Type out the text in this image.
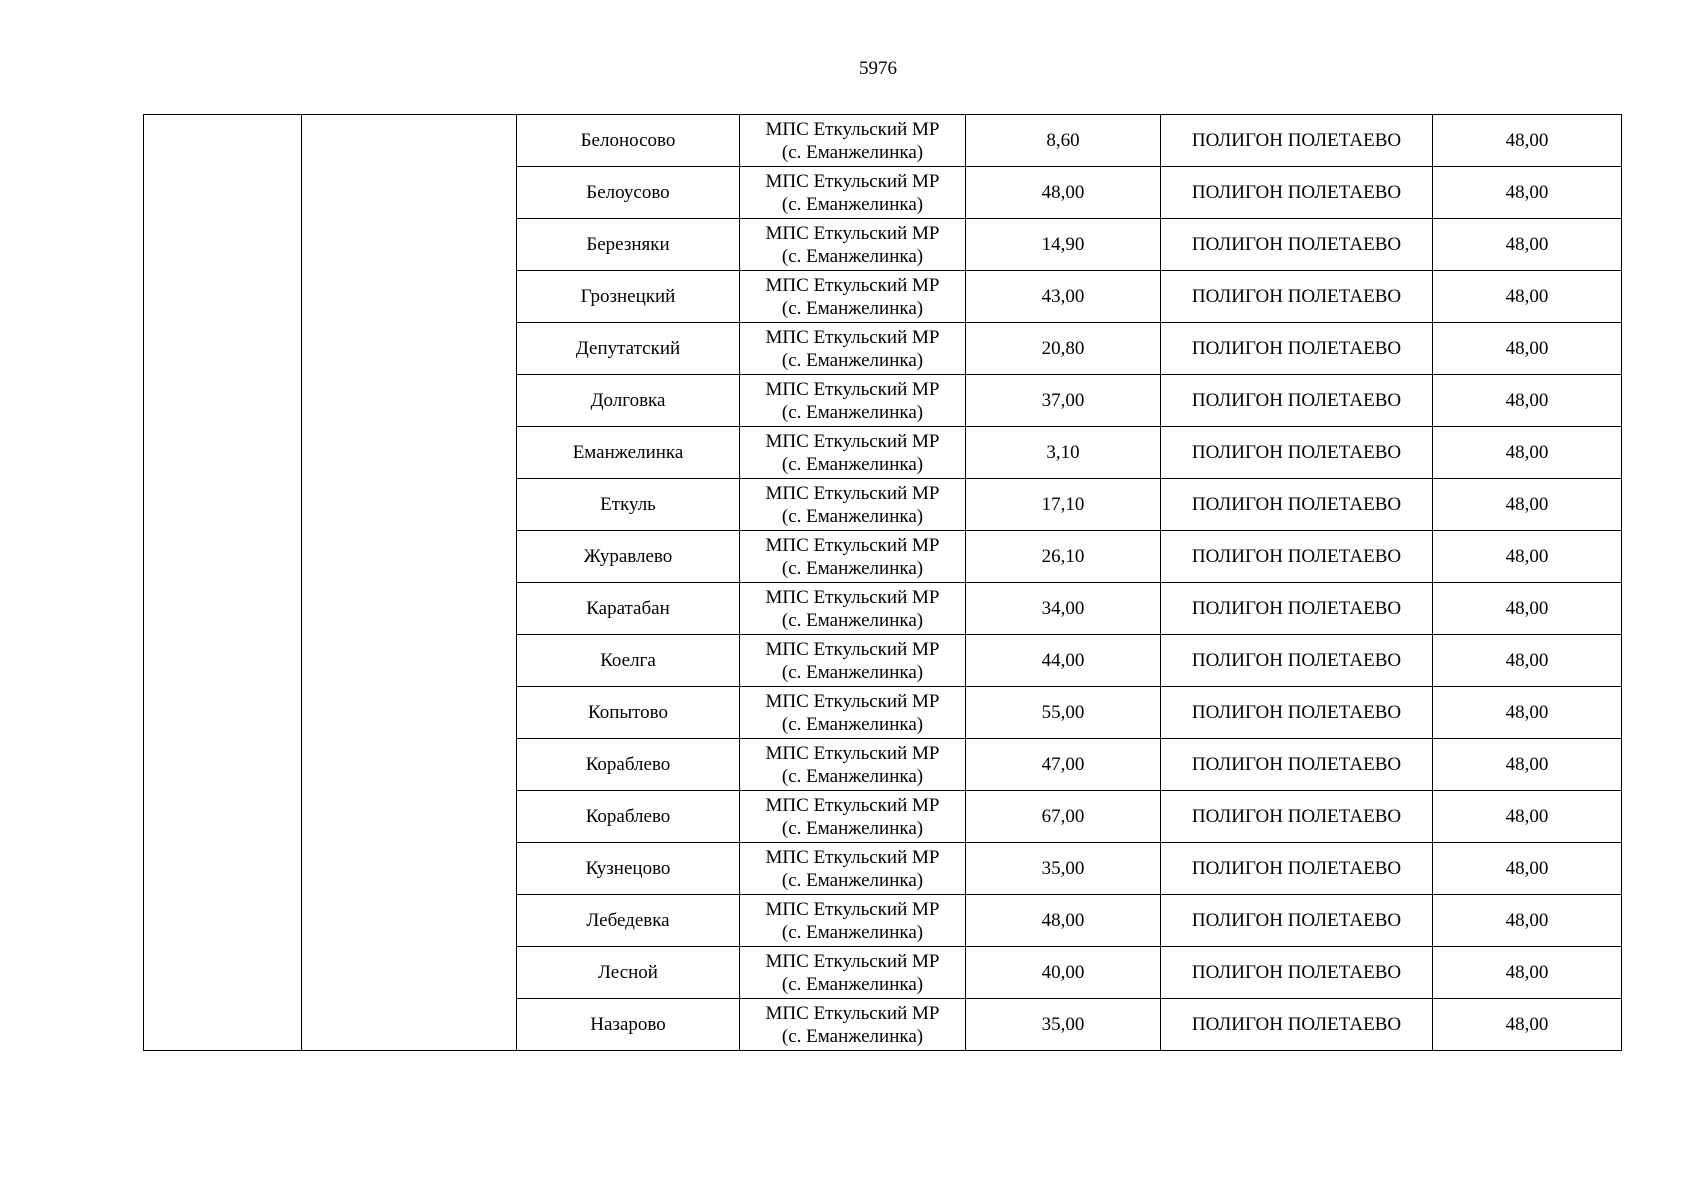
5976
		Белоносово	МПС Еткульский МР
(с. Еманжелинка)	8,60	ПОЛИГОН ПОЛЕТАЕВО	48,00
		Белоусово	МПС Еткульский МР
(с. Еманжелинка)	48,00	ПОЛИГОН ПОЛЕТАЕВО	48,00
		Березняки	МПС Еткульский МР
(с. Еманжелинка)	14,90	ПОЛИГОН ПОЛЕТАЕВО	48,00
		Грознецкий	МПС Еткульский МР
(с. Еманжелинка)	43,00	ПОЛИГОН ПОЛЕТАЕВО	48,00
		Депутатский	МПС Еткульский МР
(с. Еманжелинка)	20,80	ПОЛИГОН ПОЛЕТАЕВО	48,00
		Долговка	МПС Еткульский МР
(с. Еманжелинка)	37,00	ПОЛИГОН ПОЛЕТАЕВО	48,00
		Еманжелинка	МПС Еткульский МР
(с. Еманжелинка)	3,10	ПОЛИГОН ПОЛЕТАЕВО	48,00
		Еткуль	МПС Еткульский МР
(с. Еманжелинка)	17,10	ПОЛИГОН ПОЛЕТАЕВО	48,00
		Журавлево	МПС Еткульский МР
(с. Еманжелинка)	26,10	ПОЛИГОН ПОЛЕТАЕВО	48,00
		Каратабан	МПС Еткульский МР
(с. Еманжелинка)	34,00	ПОЛИГОН ПОЛЕТАЕВО	48,00
		Коелга	МПС Еткульский МР
(с. Еманжелинка)	44,00	ПОЛИГОН ПОЛЕТАЕВО	48,00
		Копытово	МПС Еткульский МР
(с. Еманжелинка)	55,00	ПОЛИГОН ПОЛЕТАЕВО	48,00
		Кораблево	МПС Еткульский МР
(с. Еманжелинка)	47,00	ПОЛИГОН ПОЛЕТАЕВО	48,00
		Кораблево	МПС Еткульский МР
(с. Еманжелинка)	67,00	ПОЛИГОН ПОЛЕТАЕВО	48,00
		Кузнецово	МПС Еткульский МР
(с. Еманжелинка)	35,00	ПОЛИГОН ПОЛЕТАЕВО	48,00
		Лебедевка	МПС Еткульский МР
(с. Еманжелинка)	48,00	ПОЛИГОН ПОЛЕТАЕВО	48,00
		Лесной	МПС Еткульский МР
(с. Еманжелинка)	40,00	ПОЛИГОН ПОЛЕТАЕВО	48,00
		Назарово	МПС Еткульский МР
(с. Еманжелинка)	35,00	ПОЛИГОН ПОЛЕТАЕВО	48,00
